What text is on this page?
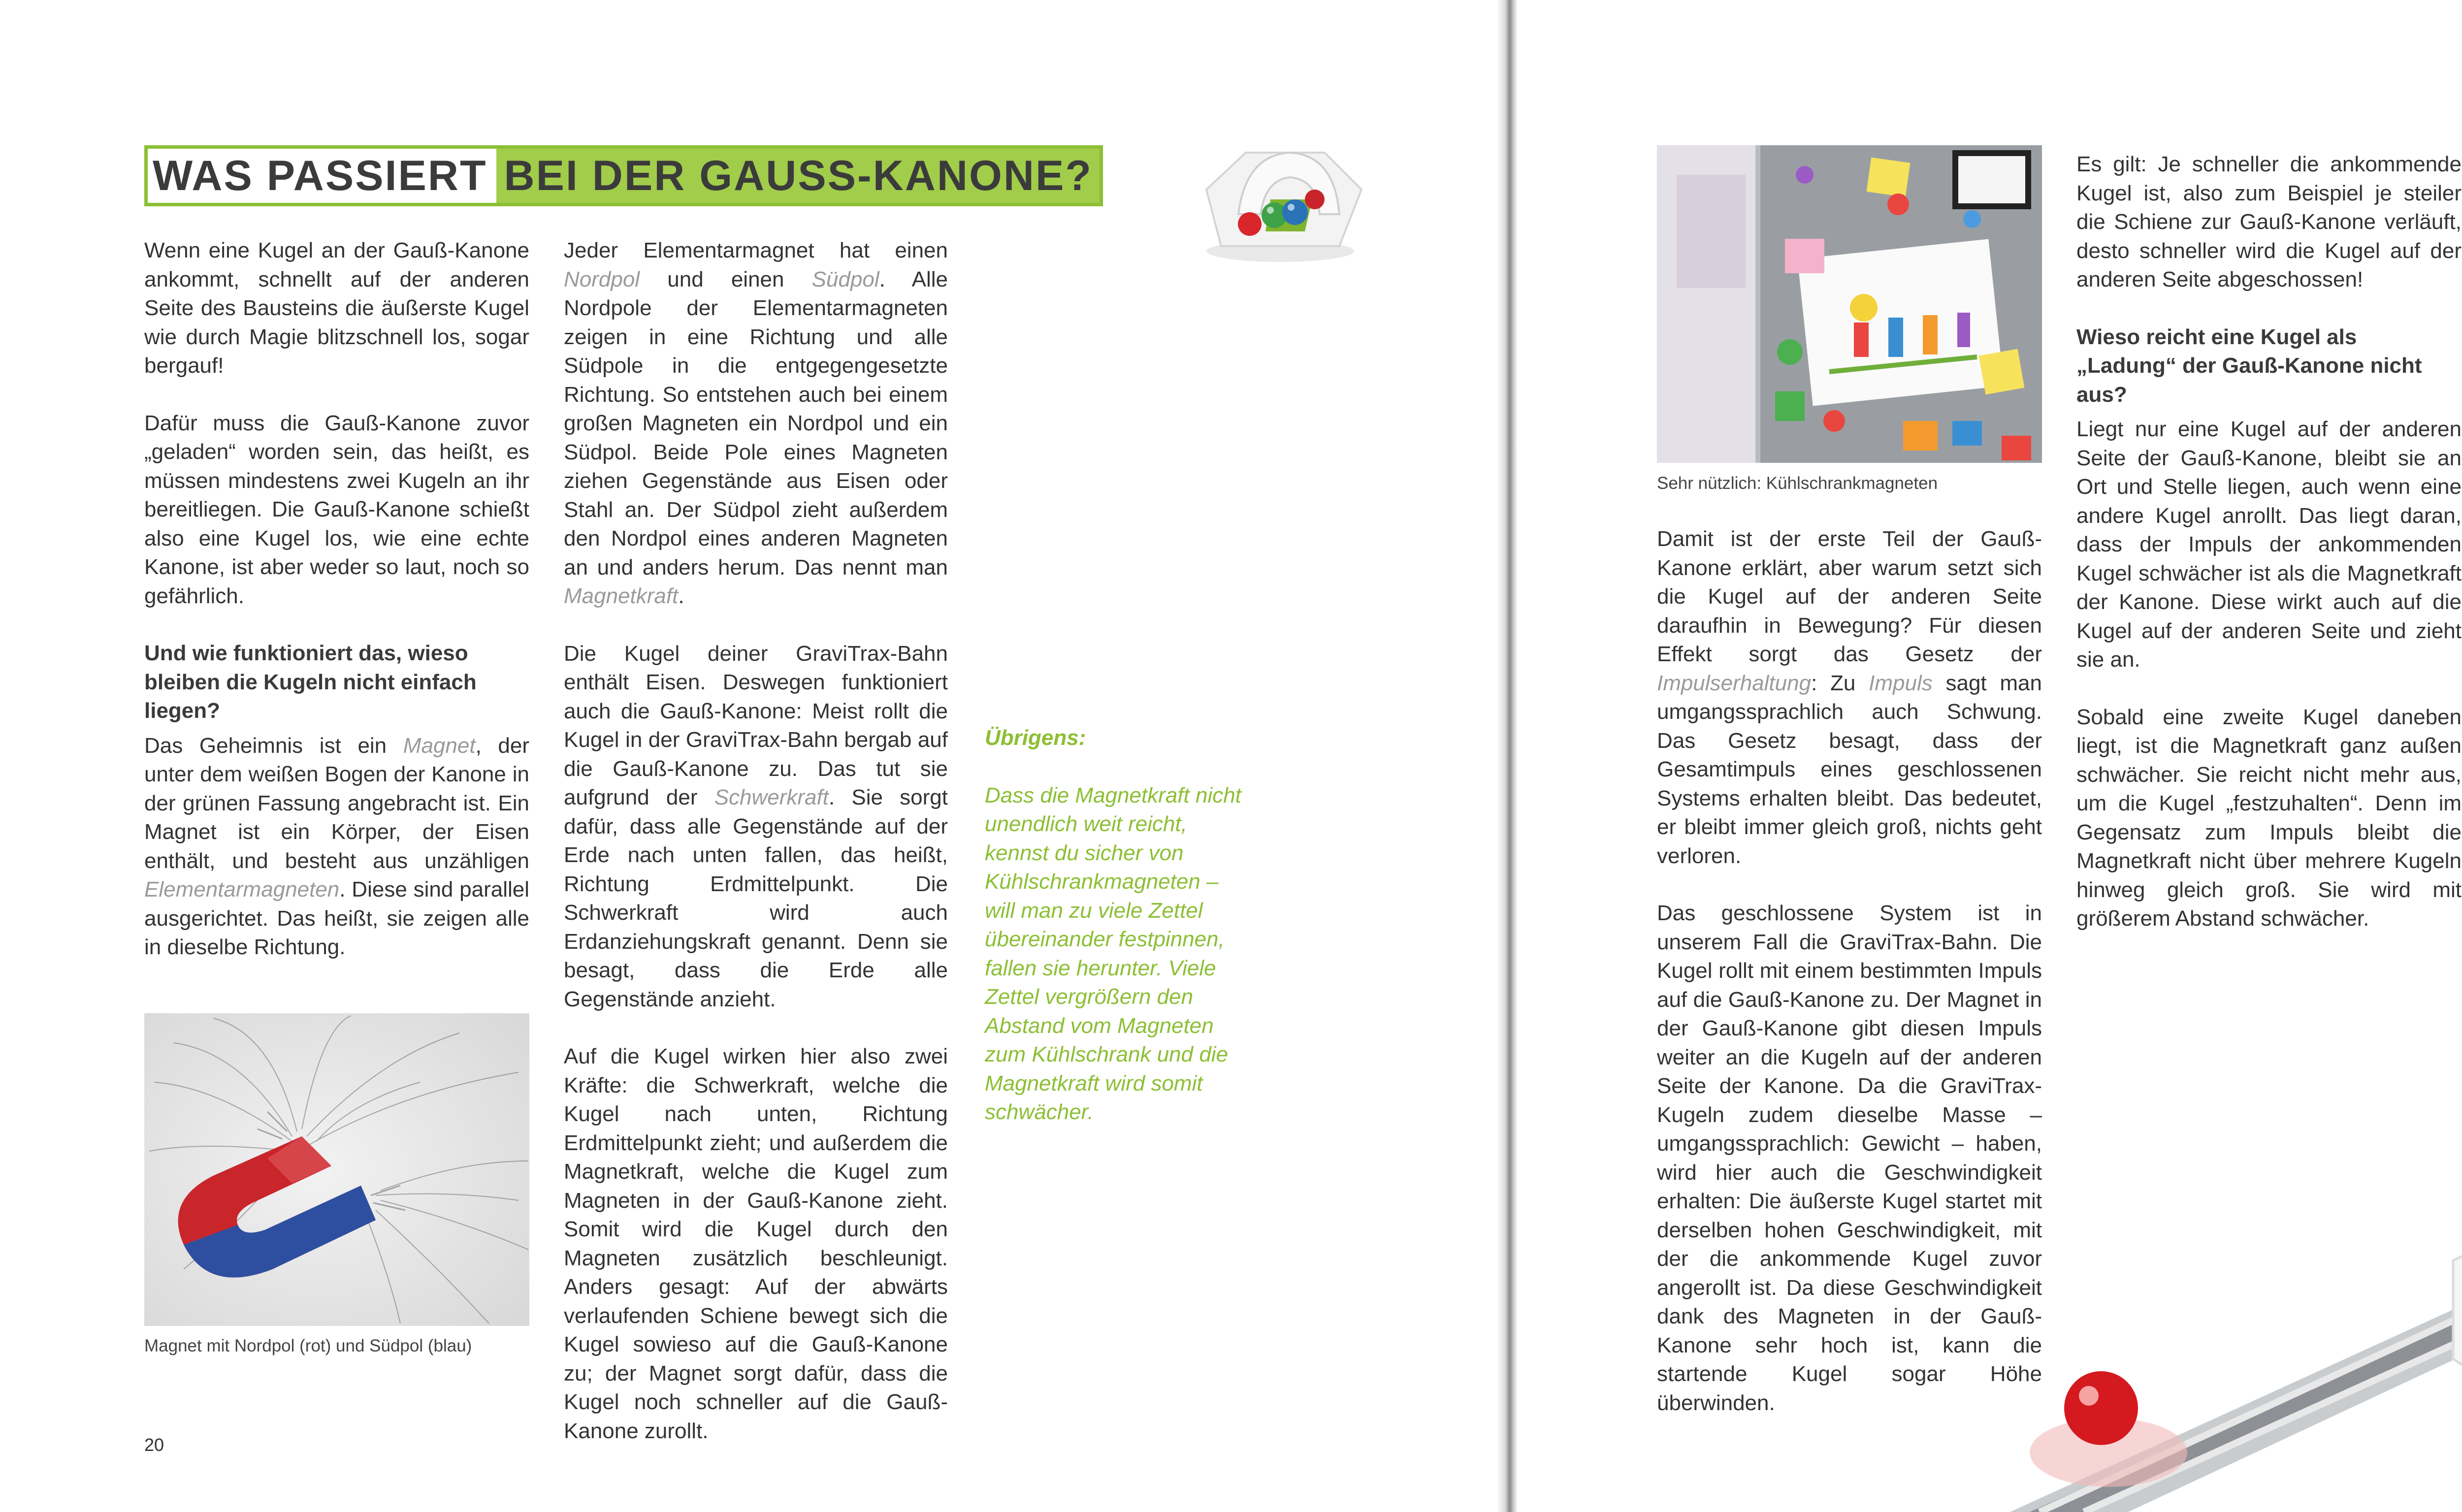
WAS PASSIERT BEI DER GAUSS-KANONE?

Wenn eine Kugel an der Gauß-Kanone ankommt, schnellt auf der anderen Seite des Bausteins die äußerste Kugel wie durch Magie blitzschnell los, sogar bergauf!

Dafür muss die Gauß-Kanone zuvor „geladen“ worden sein, das heißt, es müssen mindestens zwei Kugeln an ihr bereitliegen. Die Gauß-Kanone schießt also eine Kugel los, wie eine echte Kanone, ist aber weder so laut, noch so gefährlich.

Und wie funktioniert das, wieso bleiben die Kugeln nicht einfach liegen?

Das Geheimnis ist ein Magnet, der unter dem weißen Bogen der Kanone in der grünen Fassung angebracht ist. Ein Magnet ist ein Körper, der Eisen enthält, und besteht aus unzähligen Elementarmagneten. Diese sind parallel ausgerichtet. Das heißt, sie zeigen alle in dieselbe Richtung.

Magnet mit Nordpol (rot) und Südpol (blau)

Jeder Elementarmagnet hat einen Nordpol und einen Südpol. Alle Nordpole der Elementarmagneten zeigen in eine Richtung und alle Südpole in die entgegengesetzte Richtung. So entstehen auch bei einem großen Magneten ein Nordpol und ein Südpol. Beide Pole eines Magneten ziehen Gegenstände aus Eisen oder Stahl an. Der Südpol zieht außerdem den Nordpol eines anderen Magneten an und anders herum. Das nennt man Magnetkraft.

Die Kugel deiner GraviTrax-Bahn enthält Eisen. Deswegen funktioniert auch die Gauß-Kanone: Meist rollt die Kugel in der GraviTrax-Bahn bergab auf die Gauß-Kanone zu. Das tut sie aufgrund der Schwerkraft. Sie sorgt dafür, dass alle Gegenstände auf der Erde nach unten fallen, das heißt, Richtung Erdmittelpunkt. Die Schwerkraft wird auch Erdanziehungskraft genannt. Denn sie besagt, dass die Erde alle Gegenstände anzieht.

Auf die Kugel wirken hier also zwei Kräfte: die Schwerkraft, welche die Kugel nach unten, Richtung Erdmittelpunkt zieht; und außerdem die Magnetkraft, welche die Kugel zum Magneten in der Gauß-Kanone zieht. Somit wird die Kugel durch den Magneten zusätzlich beschleunigt. Anders gesagt: Auf der abwärts verlaufenden Schiene bewegt sich die Kugel sowieso auf die Gauß-Kanone zu; der Magnet sorgt dafür, dass die Kugel noch schneller auf die Gauß-Kanone zurollt.

Übrigens:

Dass die Magnetkraft nicht unendlich weit reicht, kennst du sicher von Kühlschrankmagneten – will man zu viele Zettel übereinander festpinnen, fallen sie herunter. Viele Zettel vergrößern den Abstand vom Magneten zum Kühlschrank und die Magnetkraft wird somit schwächer.

20
Sehr nützlich: Kühlschrankmagneten

Damit ist der erste Teil der Gauß-Kanone erklärt, aber warum setzt sich die Kugel auf der anderen Seite daraufhin in Bewegung? Für diesen Effekt sorgt das Gesetz der Impulserhaltung: Zu Impuls sagt man umgangssprachlich auch Schwung. Das Gesetz besagt, dass der Gesamtimpuls eines geschlossenen Systems erhalten bleibt. Das bedeutet, er bleibt immer gleich groß, nichts geht verloren.

Das geschlossene System ist in unserem Fall die GraviTrax-Bahn. Die Kugel rollt mit einem bestimmten Impuls auf die Gauß-Kanone zu. Der Magnet in der Gauß-Kanone gibt diesen Impuls weiter an die Kugeln auf der anderen Seite der Kanone. Da die GraviTrax-Kugeln zudem dieselbe Masse – umgangssprachlich: Gewicht – haben, wird hier auch die Geschwindigkeit erhalten: Die äußerste Kugel startet mit derselben hohen Geschwindigkeit, mit der die ankommende Kugel zuvor angerollt ist. Da diese Geschwindigkeit dank des Magneten in der Gauß-Kanone sehr hoch ist, kann die startende Kugel sogar Höhe überwinden.

Es gilt: Je schneller die ankommende Kugel ist, also zum Beispiel je steiler die Schiene zur Gauß-Kanone verläuft, desto schneller wird die Kugel auf der anderen Seite abgeschossen!

Wieso reicht eine Kugel als „Ladung“ der Gauß-Kanone nicht aus?

Liegt nur eine Kugel auf der anderen Seite der Gauß-Kanone, bleibt sie an Ort und Stelle liegen, auch wenn eine andere Kugel anrollt. Das liegt daran, dass der Impuls der ankommenden Kugel schwächer ist als die Magnetkraft der Kanone. Diese wirkt auch auf die Kugel auf der anderen Seite und zieht sie an.

Sobald eine zweite Kugel daneben liegt, ist die Magnetkraft ganz außen schwächer. Sie reicht nicht mehr aus, um die Kugel „festzuhalten“. Denn im Gegensatz zum Impuls bleibt die Magnetkraft nicht über mehrere Kugeln hinweg gleich groß. Sie wird mit größerem Abstand schwächer.
